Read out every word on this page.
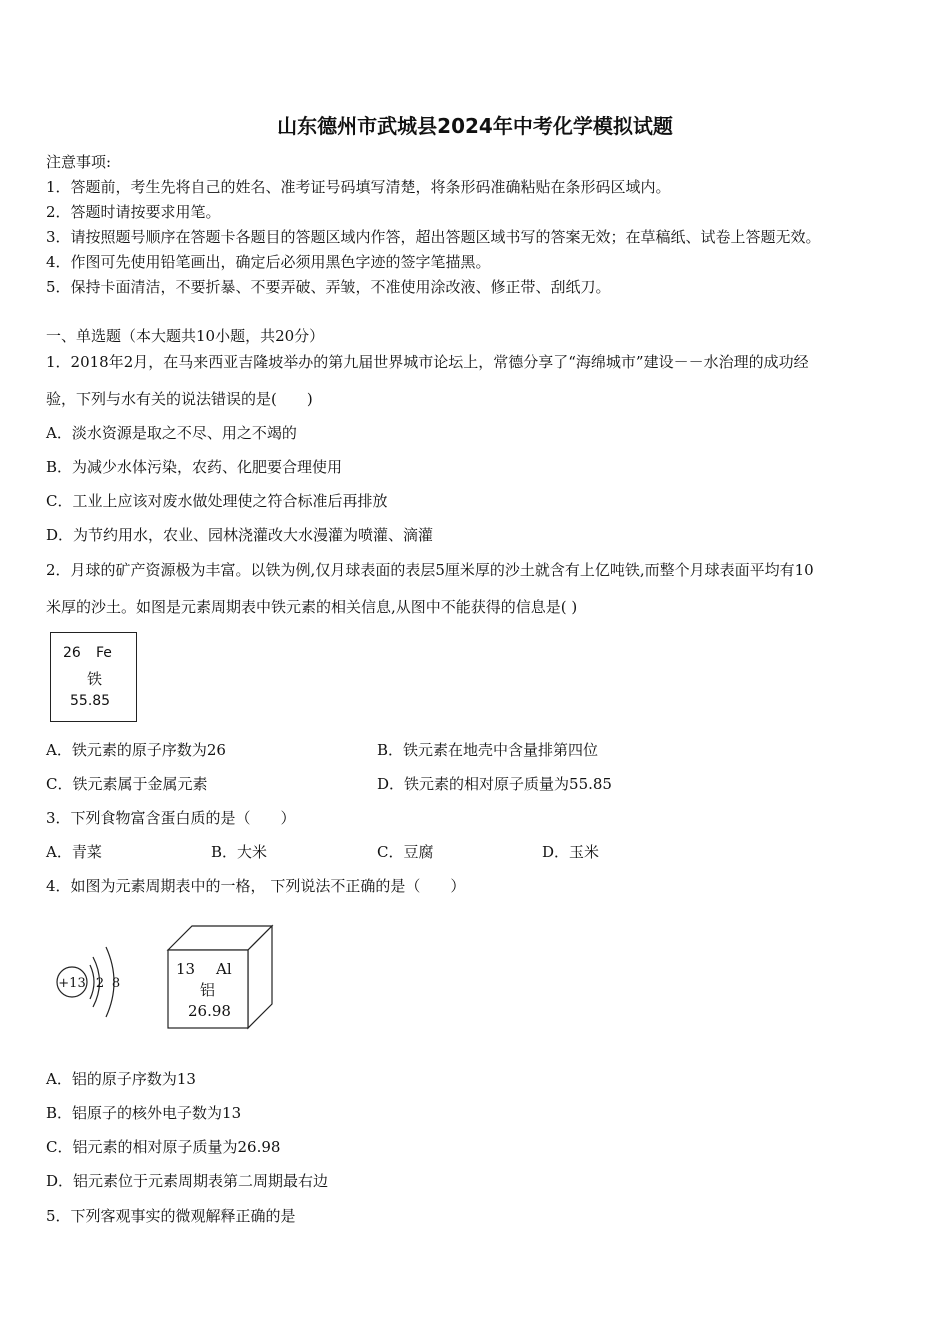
山东德州市武城县2024年中考化学模拟试题
注意事项:
1．答题前，考生先将自己的姓名、准考证号码填写清楚，将条形码准确粘贴在条形码区域内。
2．答题时请按要求用笔。
3．请按照题号顺序在答题卡各题目的答题区域内作答，超出答题区域书写的答案无效；在草稿纸、试卷上答题无效。
4．作图可先使用铅笔画出，确定后必须用黑色字迹的签字笔描黑。
5．保持卡面清洁，不要折暴、不要弄破、弄皱，不准使用涂改液、修正带、刮纸刀。
一、单选题（本大题共10小题，共20分）
1．2018年2月，在马来西亚吉隆坡举办的第九届世界城市论坛上，常德分享了“海绵城市”建设－－水治理的成功经
验，下列与水有关的说法错误的是(　　)
A．淡水资源是取之不尽、用之不竭的
B．为减少水体污染，农药、化肥要合理使用
C．工业上应该对废水做处理使之符合标准后再排放
D．为节约用水，农业、园林浇灌改大水漫灌为喷灌、滴灌
2．月球的矿产资源极为丰富。以铁为例,仅月球表面的表层5厘米厚的沙土就含有上亿吨铁,而整个月球表面平均有10
米厚的沙土。如图是元素周期表中铁元素的相关信息,从图中不能获得的信息是( )
26 Fe
铁
55.85
A．铁元素的原子序数为26	B．铁元素在地壳中含量排第四位
C．铁元素属于金属元素	D．铁元素的相对原子质量为55.85
3．下列食物富含蛋白质的是（　　）
A．青菜	B．大米	C．豆腐	D．玉米
4．如图为元素周期表中的一格， 下列说法不正确的是（　　）
+13 2 8
13 Al
铝
26.98
A．铝的原子序数为13
B．铝原子的核外电子数为13
C．铝元素的相对原子质量为26.98
D．铝元素位于元素周期表第二周期最右边
5．下列客观事实的微观解释正确的是
